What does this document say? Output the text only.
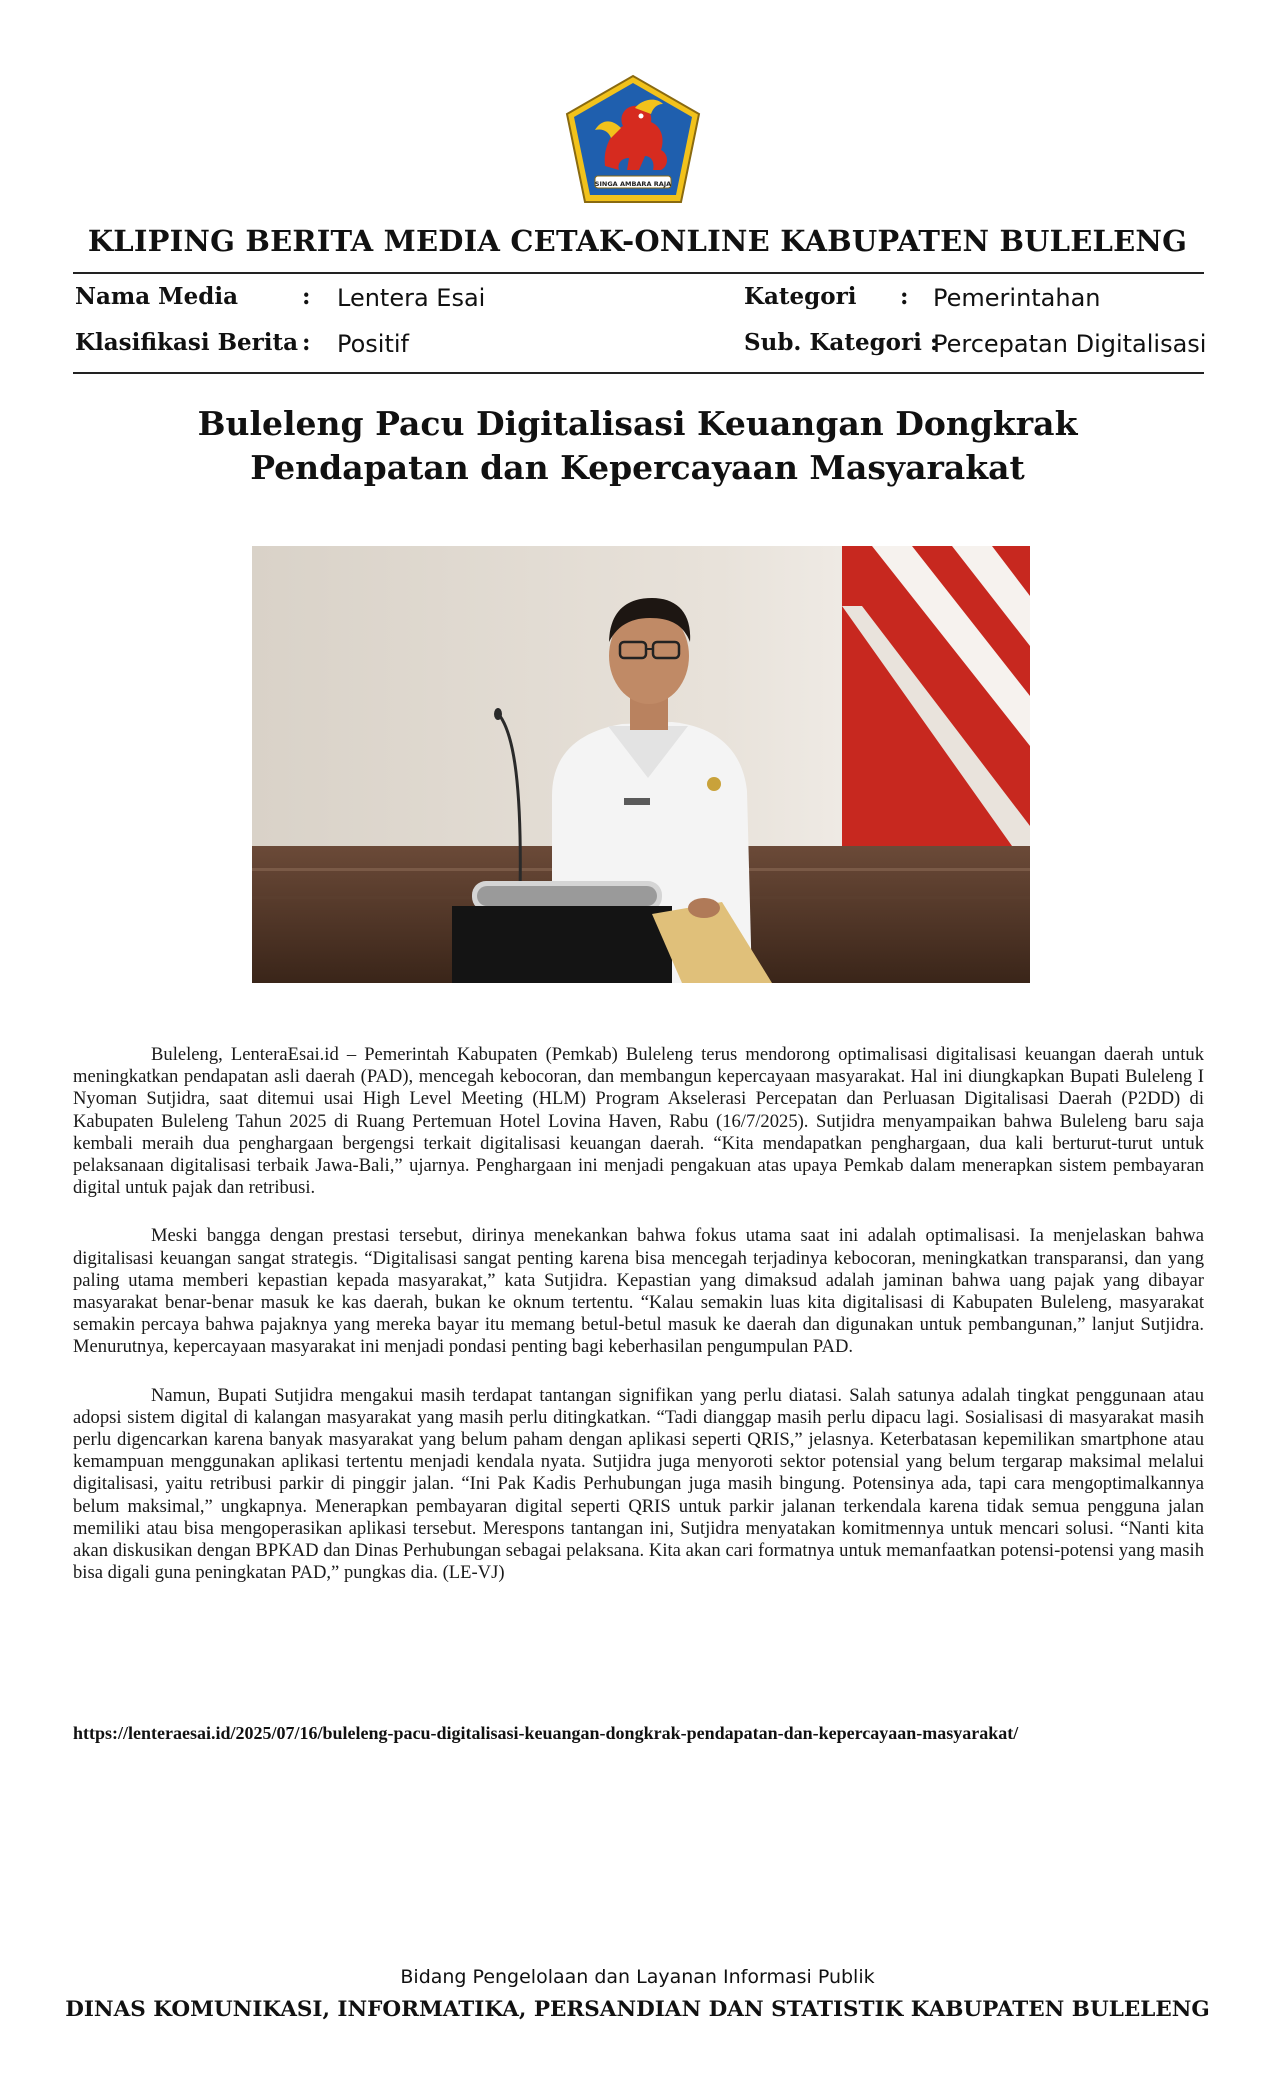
SINGA AMBARA RAJA
KLIPING BERITA MEDIA CETAK-ONLINE KABUPATEN BULELENG
Nama Media	: Lentera Esai	Kategori : Pemerintahan
Klasifikasi Berita : Positif	Sub. Kategori :
Percepatan Digitalisasi
Buleleng Pacu Digitalisasi Keuangan Dongkrak
Pendapatan dan Kepercayaan Masyarakat

Buleleng, LenteraEsai.id – Pemerintah Kabupaten (Pemkab) Buleleng terus mendorong optimalisasi digitalisasi keuangan daerah untuk meningkatkan pendapatan asli daerah (PAD), mencegah kebocoran, dan membangun kepercayaan masyarakat. Hal ini diungkapkan Bupati Buleleng I Nyoman Sutjidra, saat ditemui usai High Level Meeting (HLM) Program Akselerasi Percepatan dan Perluasan Digitalisasi Daerah (P2DD) di Kabupaten Buleleng Tahun 2025 di Ruang Pertemuan Hotel Lovina Haven, Rabu (16/7/2025). Sutjidra menyampaikan bahwa Buleleng baru saja kembali meraih dua penghargaan bergengsi terkait digitalisasi keuangan daerah. “Kita mendapatkan penghargaan, dua kali berturut-turut untuk pelaksanaan digitalisasi terbaik Jawa-Bali,” ujarnya. Penghargaan ini menjadi pengakuan atas upaya Pemkab dalam menerapkan sistem pembayaran digital untuk pajak dan retribusi.

Meski bangga dengan prestasi tersebut, dirinya menekankan bahwa fokus utama saat ini adalah optimalisasi. Ia menjelaskan bahwa digitalisasi keuangan sangat strategis. “Digitalisasi sangat penting karena bisa mencegah terjadinya kebocoran, meningkatkan transparansi, dan yang paling utama memberi kepastian kepada masyarakat,” kata Sutjidra. Kepastian yang dimaksud adalah jaminan bahwa uang pajak yang dibayar masyarakat benar-benar masuk ke kas daerah, bukan ke oknum tertentu. “Kalau semakin luas kita digitalisasi di Kabupaten Buleleng, masyarakat semakin percaya bahwa pajaknya yang mereka bayar itu memang betul-betul masuk ke daerah dan digunakan untuk pembangunan,” lanjut Sutjidra. Menurutnya, kepercayaan masyarakat ini menjadi pondasi penting bagi keberhasilan pengumpulan PAD.

Namun, Bupati Sutjidra mengakui masih terdapat tantangan signifikan yang perlu diatasi. Salah satunya adalah tingkat penggunaan atau adopsi sistem digital di kalangan masyarakat yang masih perlu ditingkatkan. “Tadi dianggap masih perlu dipacu lagi. Sosialisasi di masyarakat masih perlu digencarkan karena banyak masyarakat yang belum paham dengan aplikasi seperti QRIS,” jelasnya. Keterbatasan kepemilikan smartphone atau kemampuan menggunakan aplikasi tertentu menjadi kendala nyata. Sutjidra juga menyoroti sektor potensial yang belum tergarap maksimal melalui digitalisasi, yaitu retribusi parkir di pinggir jalan. “Ini Pak Kadis Perhubungan juga masih bingung. Potensinya ada, tapi cara mengoptimalkannya belum maksimal,” ungkapnya. Menerapkan pembayaran digital seperti QRIS untuk parkir jalanan terkendala karena tidak semua pengguna jalan memiliki atau bisa mengoperasikan aplikasi tersebut. Merespons tantangan ini, Sutjidra menyatakan komitmennya untuk mencari solusi. “Nanti kita akan diskusikan dengan BPKAD dan Dinas Perhubungan sebagai pelaksana. Kita akan cari formatnya untuk memanfaatkan potensi-potensi yang masih bisa digali guna peningkatan PAD,” pungkas dia. (LE-VJ)

https://lenteraesai.id/2025/07/16/buleleng-pacu-digitalisasi-keuangan-dongkrak-pendapatan-dan-kepercayaan-masyarakat/
Bidang Pengelolaan dan Layanan Informasi Publik
DINAS KOMUNIKASI, INFORMATIKA, PERSANDIAN DAN STATISTIK KABUPATEN BULELENG
